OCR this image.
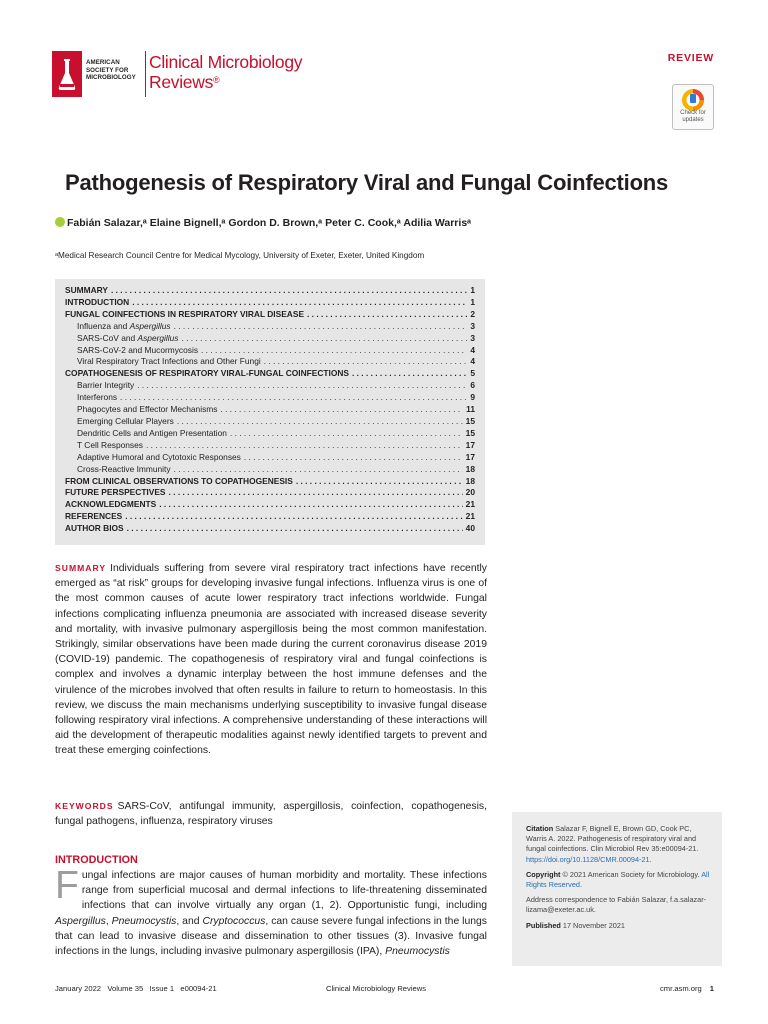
AMERICAN
SOCIETY FOR
MICROBIOLOGY
Clinical Microbiology
Reviews®
REVIEW
Check for updates
Pathogenesis of Respiratory Viral and Fungal Coinfections
Fabián Salazar,ᵃ Elaine Bignell,ᵃ Gordon D. Brown,ᵃ Peter C. Cook,ᵃ Adilia Warrisᵃ
ᵃMedical Research Council Centre for Medical Mycology, University of Exeter, Exeter, United Kingdom
SUMMARY . . .	1
INTRODUCTION . . .	1
FUNGAL COINFECTIONS IN RESPIRATORY VIRAL DISEASE . . .	2
Influenza and Aspergillus . . .	3
SARS-CoV and Aspergillus . . .	3
SARS-CoV-2 and Mucormycosis . . .	4
Viral Respiratory Tract Infections and Other Fungi . . .	4
COPATHOGENESIS OF RESPIRATORY VIRAL-FUNGAL COINFECTIONS . . .	5
Barrier Integrity . . .	6
Interferons . . .	9
Phagocytes and Effector Mechanisms . . .	11
Emerging Cellular Players . . .	15
Dendritic Cells and Antigen Presentation . . .	15
T Cell Responses . . .	17
Adaptive Humoral and Cytotoxic Responses . . .	17
Cross-Reactive Immunity . . .	18
FROM CLINICAL OBSERVATIONS TO COPATHOGENESIS . . .	18
FUTURE PERSPECTIVES . . .	20
ACKNOWLEDGMENTS . . .	21
REFERENCES . . .	21
AUTHOR BIOS . . .	40
SUMMARY Individuals suffering from severe viral respiratory tract infections have recently emerged as “at risk” groups for developing invasive fungal infections. Influenza virus is one of the most common causes of acute lower respiratory tract infections worldwide. Fungal infections complicating influenza pneumonia are associated with increased disease severity and mortality, with invasive pulmonary aspergillosis being the most common manifestation. Strikingly, similar observations have been made during the current coronavirus disease 2019 (COVID-19) pandemic. The copathogenesis of respiratory viral and fungal coinfections is complex and involves a dynamic interplay between the host immune defenses and the virulence of the microbes involved that often results in failure to return to homeostasis. In this review, we discuss the main mechanisms underlying susceptibility to invasive fungal disease following respiratory viral infections. A comprehensive understanding of these interactions will aid the development of therapeutic modalities against newly identified targets to prevent and treat these emerging coinfections.
KEYWORDS SARS-CoV, antifungal immunity, aspergillosis, coinfection, copathogenesis, fungal pathogens, influenza, respiratory viruses
INTRODUCTION
Fungal infections are major causes of human morbidity and mortality. These infections range from superficial mucosal and dermal infections to life-threatening disseminated infections that can involve virtually any organ (1, 2). Opportunistic fungi, including Aspergillus, Pneumocystis, and Cryptococcus, can cause severe fungal infections in the lungs that can lead to invasive disease and dissemination to other tissues (3). Invasive fungal infections in the lungs, including invasive pulmonary aspergillosis (IPA), Pneumocystis

Citation Salazar F, Bignell E, Brown GD, Cook PC, Warris A. 2022. Pathogenesis of respiratory viral and fungal coinfections. Clin Microbiol Rev 35:e00094-21. https://doi.org/10.1128/CMR.00094-21.

Copyright © 2021 American Society for Microbiology. All Rights Reserved.

Address correspondence to Fabián Salazar, f.a.salazar-lizama@exeter.ac.uk.

Published 17 November 2021

January 2022   Volume 35   Issue 1   e00094-21	Clinical Microbiology Reviews	cmr.asm.org 1
